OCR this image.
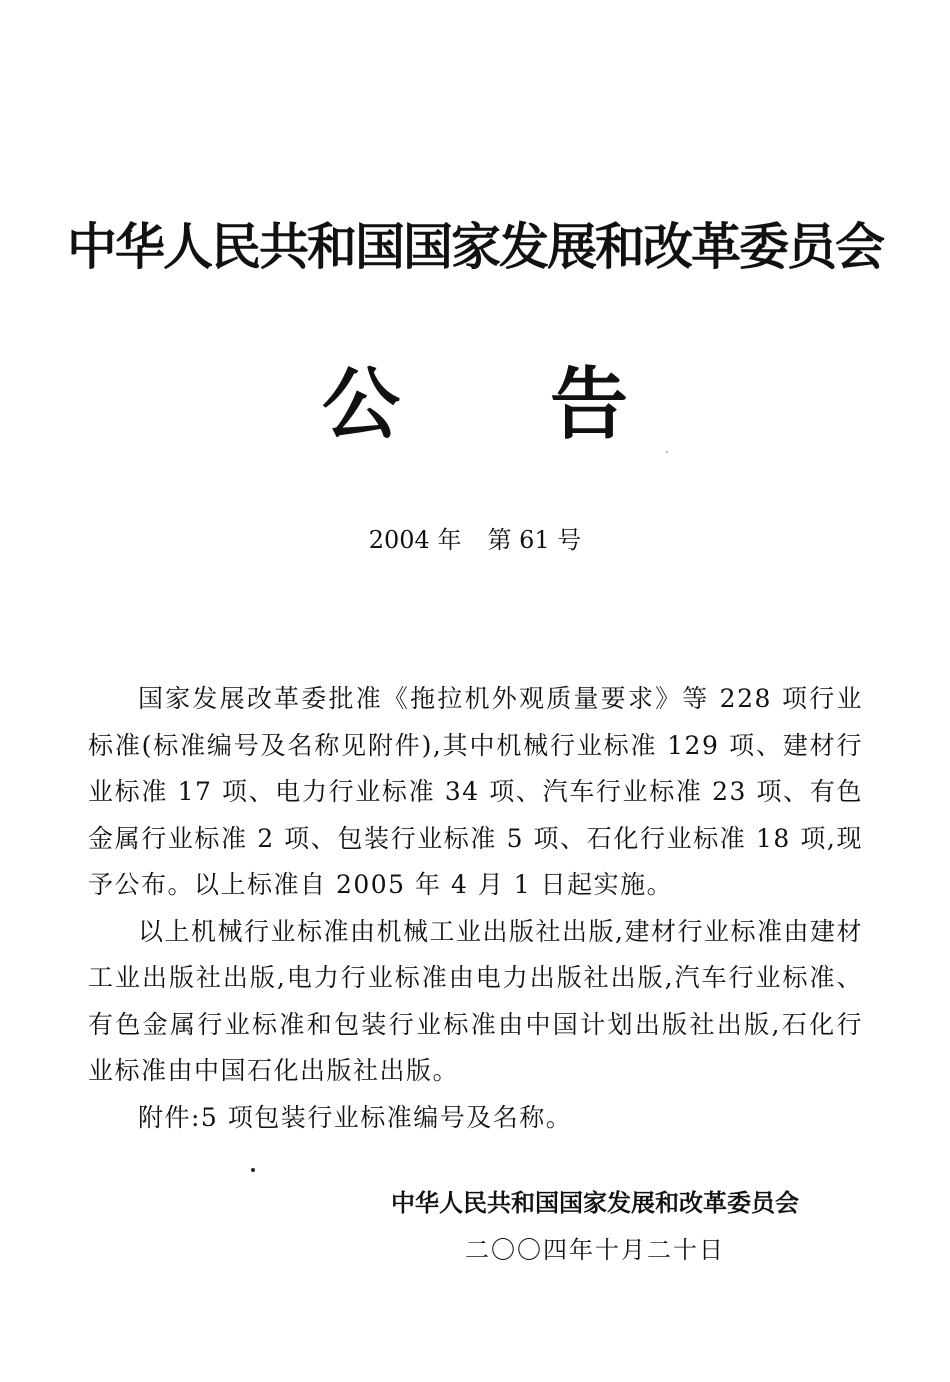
中华人民共和国国家发展和改革委员会
公 告
2004 年 第 61 号

国家发展改革委批准《拖拉机外观质量要求》等 228 项行业标准(标准编号及名称见附件),其中机械行业标准 129 项、建材行业标准 17 项、电力行业标准 34 项、汽车行业标准 23 项、有色金属行业标准 2 项、包装行业标准 5 项、石化行业标准 18 项,现予公布。以上标准自 2005 年 4 月 1 日起实施。

以上机械行业标准由机械工业出版社出版,建材行业标准由建材工业出版社出版,电力行业标准由电力出版社出版,汽车行业标准、有色金属行业标准和包装行业标准由中国计划出版社出版,石化行业标准由中国石化出版社出版。

附件:5 项包装行业标准编号及名称。

中华人民共和国国家发展和改革委员会
二〇〇四年十月二十日
